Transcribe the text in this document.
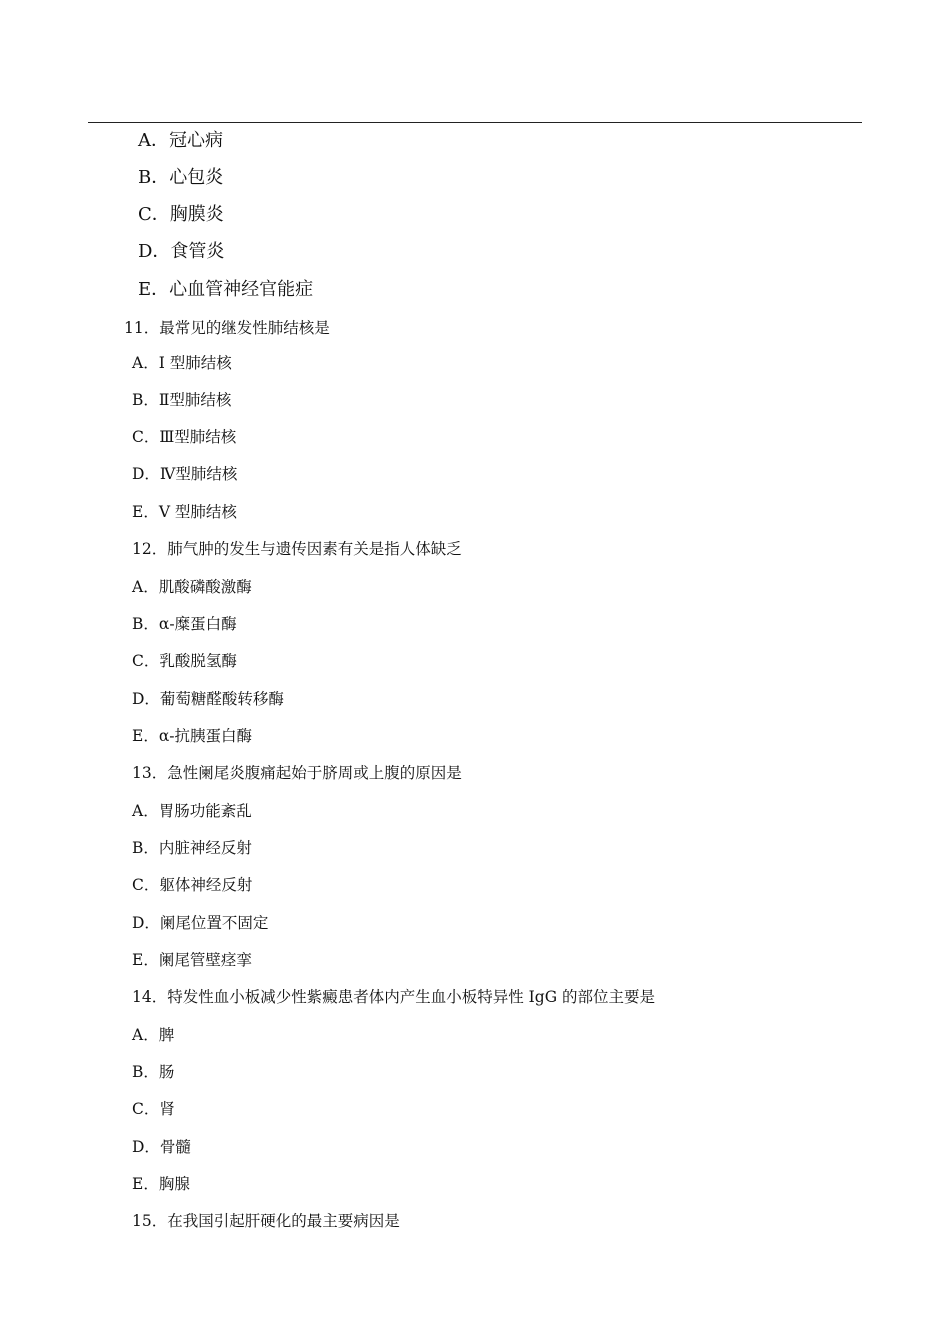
A．冠心病
B．心包炎
C．胸膜炎
D．食管炎
E．心血管神经官能症
11．最常见的继发性肺结核是
A．I 型肺结核
B．Ⅱ型肺结核
C．Ⅲ型肺结核
D．Ⅳ型肺结核
E．V 型肺结核
12．肺气肿的发生与遗传因素有关是指人体缺乏
A．肌酸磷酸激酶
B．α-糜蛋白酶
C．乳酸脱氢酶
D．葡萄糖醛酸转移酶
E．α-抗胰蛋白酶
13．急性阑尾炎腹痛起始于脐周或上腹的原因是
A．胃肠功能紊乱
B．内脏神经反射
C．躯体神经反射
D．阑尾位置不固定
E．阑尾管壁痉挛
14．特发性血小板减少性紫癜患者体内产生血小板特异性 IgG 的部位主要是
A．脾
B．肠
C．肾
D．骨髓
E．胸腺
15．在我国引起肝硬化的最主要病因是
